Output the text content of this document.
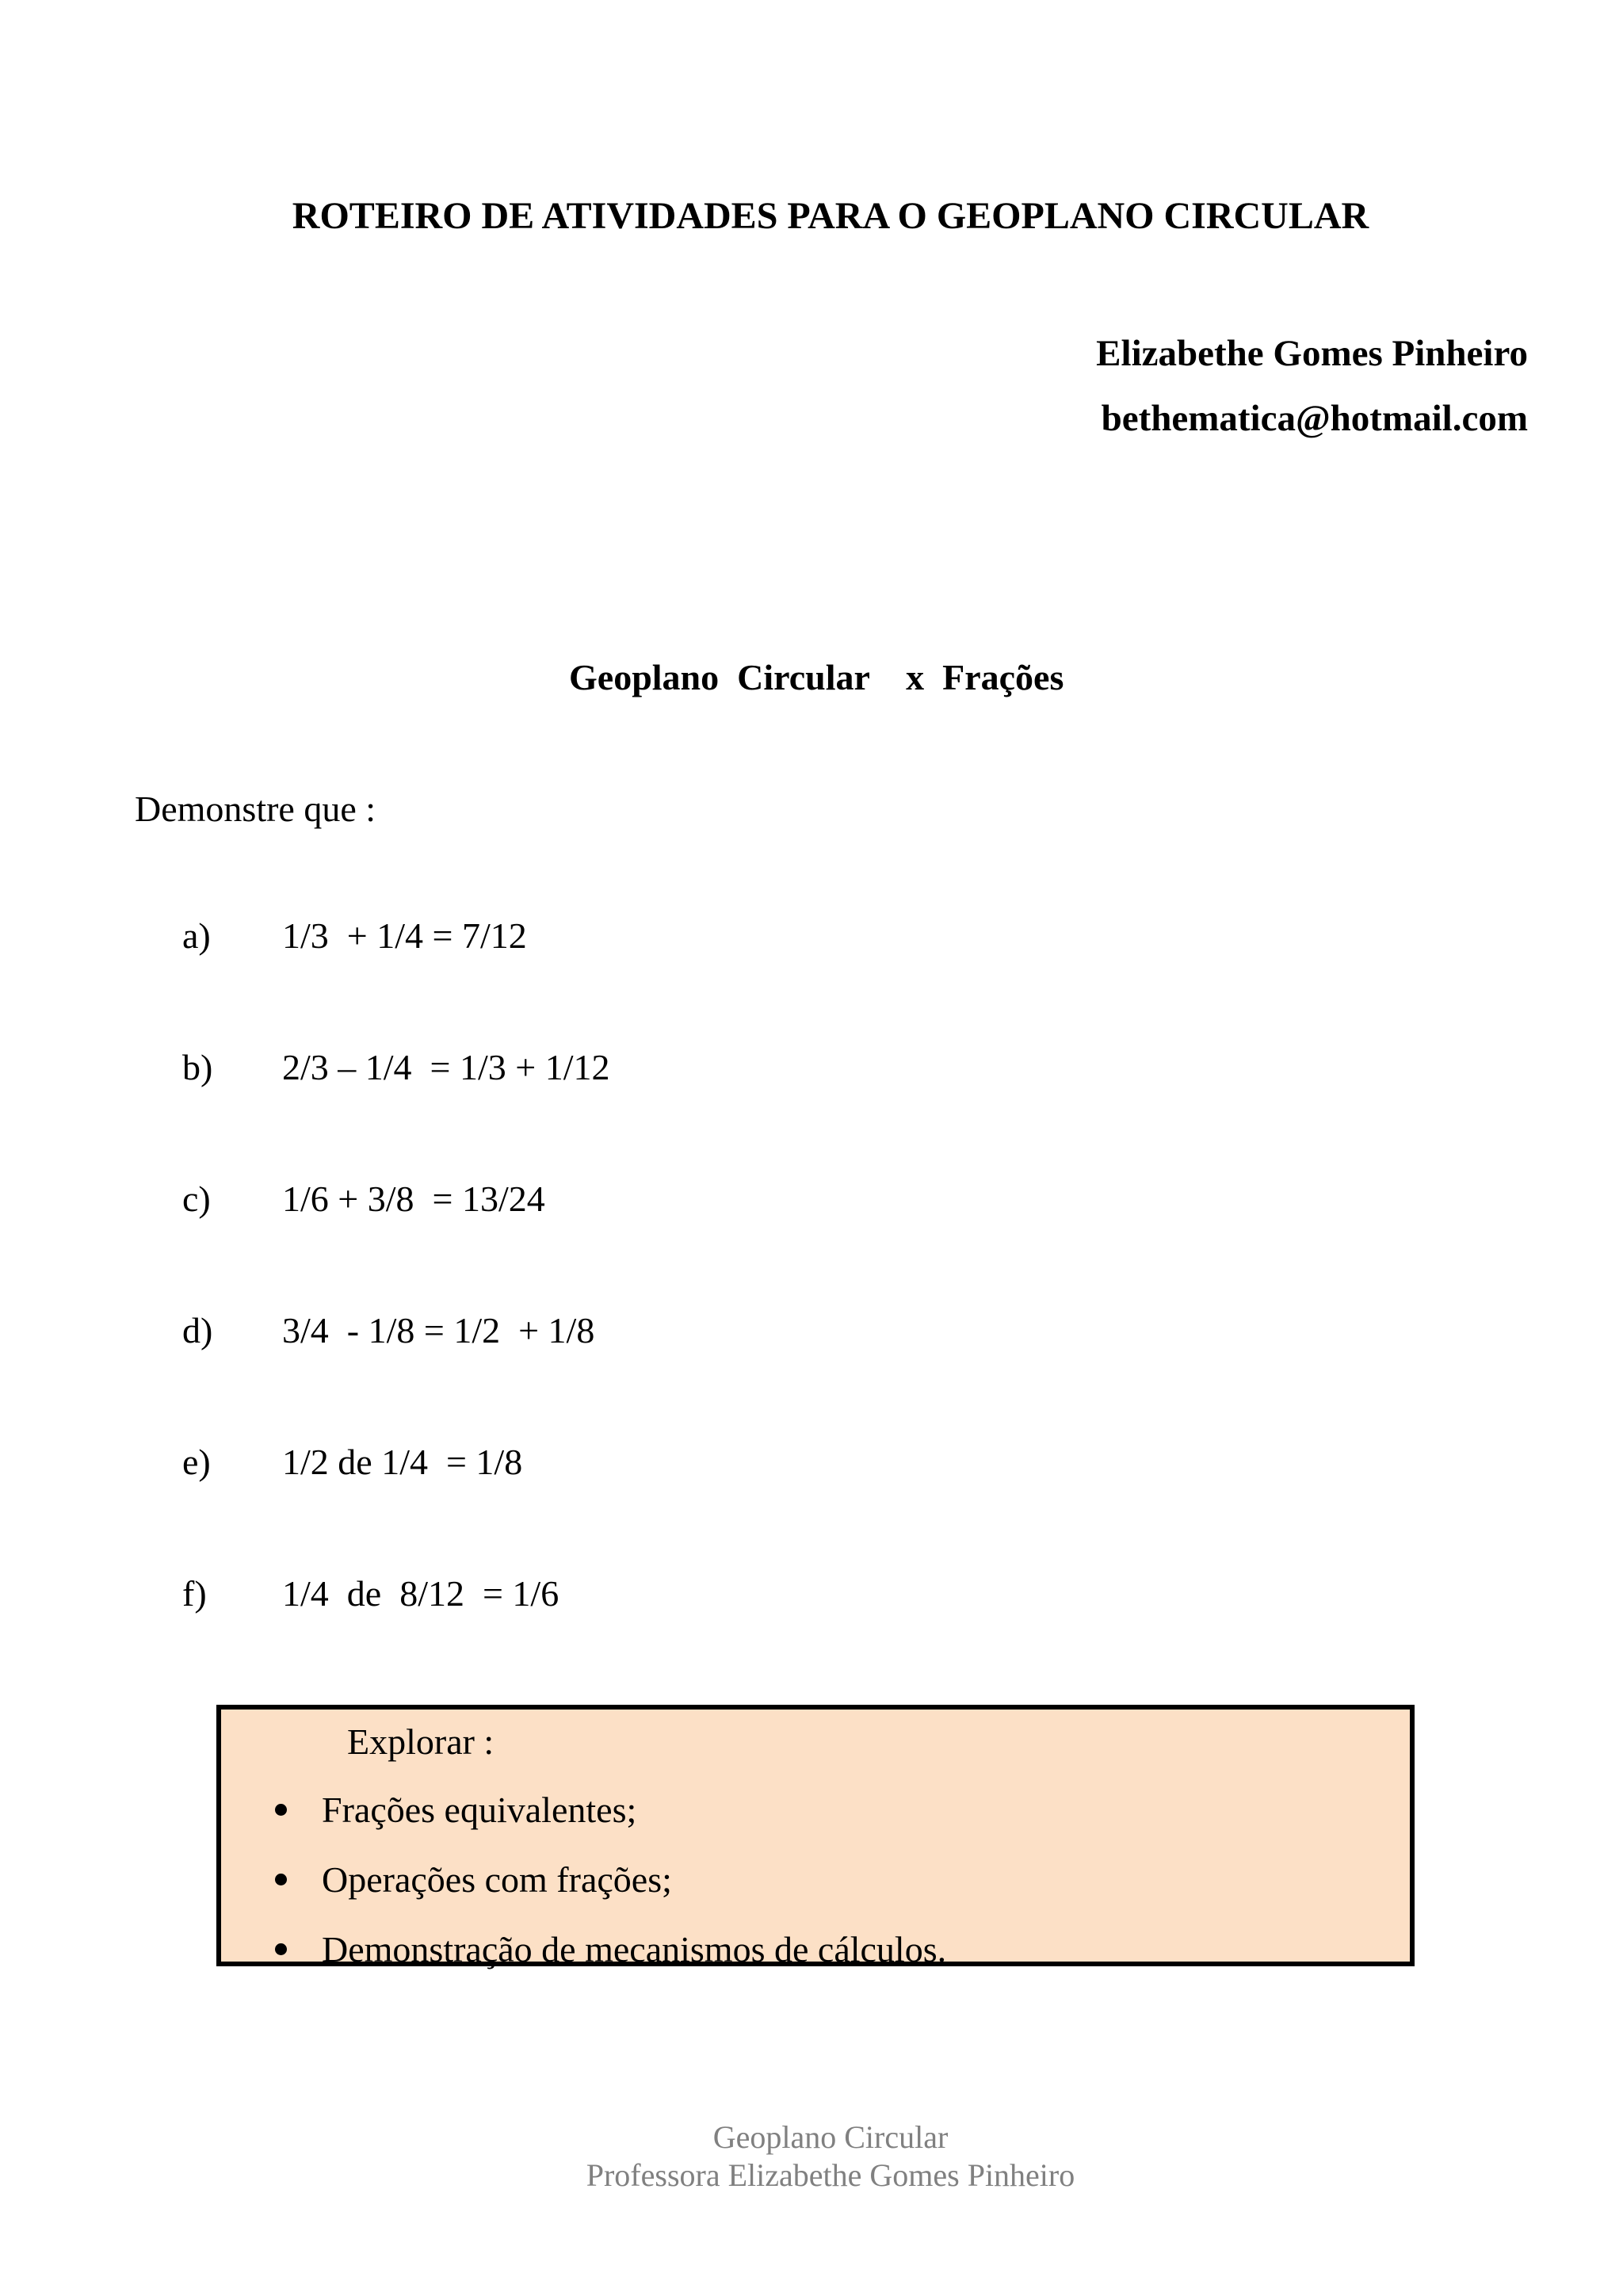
ROTEIRO DE ATIVIDADES PARA O GEOPLANO CIRCULAR
Elizabethe Gomes Pinheiro
bethematica@hotmail.com
Geoplano  Circular    x  Frações
Demonstre que :
a) 1/3  + 1/4 = 7/12
b) 2/3 – 1/4  = 1/3 + 1/12
c) 1/6 + 3/8  = 13/24
d) 3/4  - 1/8 = 1/2  + 1/8
e) 1/2 de 1/4  = 1/8
f) 1/4  de  8/12  = 1/6
Explorar :
Frações equivalentes;
Operações com frações;
Demonstração de mecanismos de cálculos.
Geoplano Circular
Professora Elizabethe Gomes Pinheiro
